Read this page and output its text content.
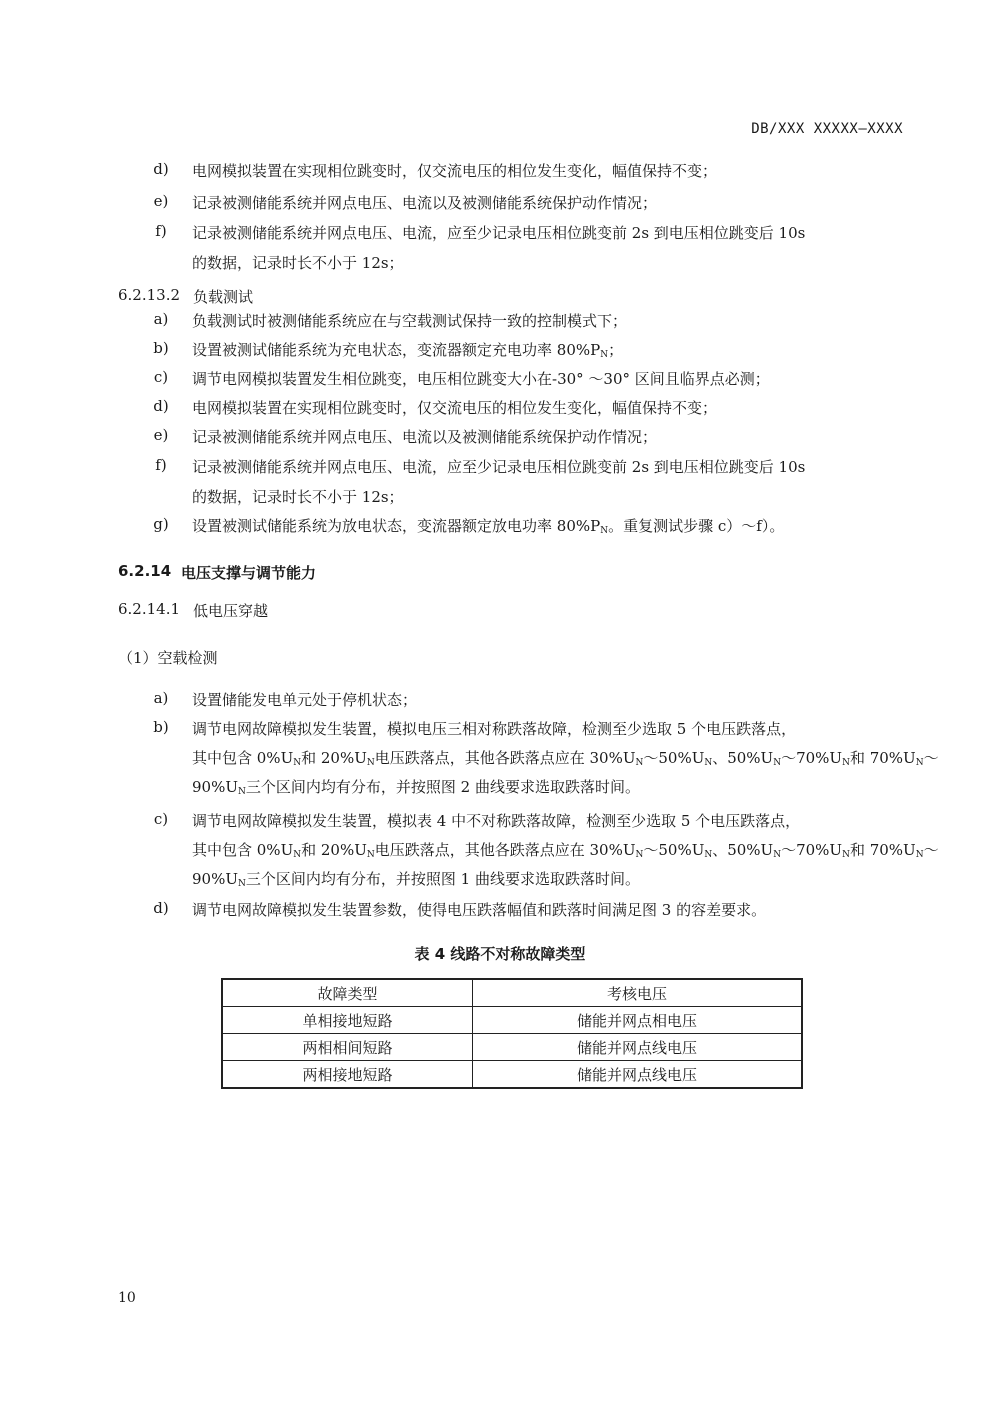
DB/XXX XXXXX—XXXX
d)	电网模拟装置在实现相位跳变时，仅交流电压的相位发生变化，幅值保持不变；
e)	记录被测储能系统并网点电压、电流以及被测储能系统保护动作情况；
f)	记录被测储能系统并网点电压、电流，应至少记录电压相位跳变前 2s 到电压相位跳变后 10s
的数据，记录时长不小于 12s；
6.2.13.2 负载测试
a)	负载测试时被测储能系统应在与空载测试保持一致的控制模式下；
b)	设置被测试储能系统为充电状态，变流器额定充电功率 $80\%P_N$；
c)	调节电网模拟装置发生相位跳变，电压相位跳变大小在-30° ～30° 区间且临界点必测；
d)	电网模拟装置在实现相位跳变时，仅交流电压的相位发生变化，幅值保持不变；
e)	记录被测储能系统并网点电压、电流以及被测储能系统保护动作情况；
f)	记录被测储能系统并网点电压、电流，应至少记录电压相位跳变前 2s 到电压相位跳变后 10s
的数据，记录时长不小于 12s；
g)	设置被测试储能系统为放电状态，变流器额定放电功率 $80\%P_N$。重复测试步骤 c）～f）。
6.2.14 电压支撑与调节能力
6.2.14.1 低电压穿越
（1）空载检测
a)	设置储能发电单元处于停机状态；
b)	调节电网故障模拟发生装置，模拟电压三相对称跌落故障，检测至少选取 5 个电压跌落点，
其中包含 $0\%U_N$和 $20\%U_N$电压跌落点，其他各跌落点应在 $30\%U_N\sim 50\%U_N$、$50\%U_N\sim 70\%U_N$和 $70\%U_N\sim$
$90\%U_N$三个区间内均有分布，并按照图 2 曲线要求选取跌落时间。
c)	调节电网故障模拟发生装置，模拟表 4 中不对称跌落故障，检测至少选取 5 个电压跌落点，
其中包含 $0\%U_N$和 $20\%U_N$电压跌落点，其他各跌落点应在 $30\%U_N\sim 50\%U_N$、$50\%U_N\sim 70\%U_N$和 $70\%U_N\sim$
$90\%U_N$三个区间内均有分布，并按照图 1 曲线要求选取跌落时间。
d)	调节电网故障模拟发生装置参数，使得电压跌落幅值和跌落时间满足图 3 的容差要求。
表 4 线路不对称故障类型
故障类型	考核电压
单相接地短路	储能并网点相电压
两相相间短路	储能并网点线电压
两相接地短路	储能并网点线电压
10
